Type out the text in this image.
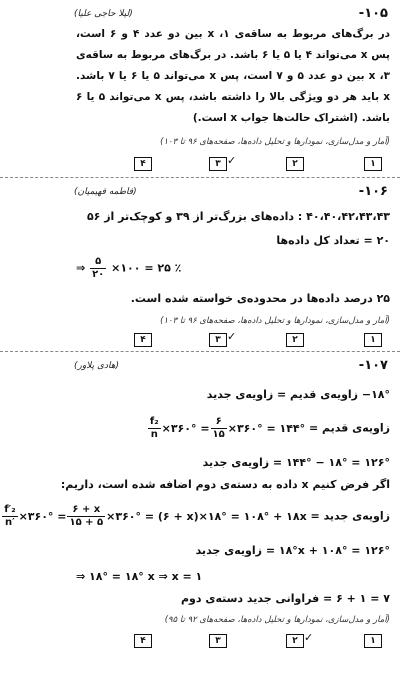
-۱۰۵
(لیلا حاجی علیا)
در برگ‌های مربوط به ساقه‌ی ۱، x بین دو عدد ۴ و ۶ است، پس x می‌تواند ۴ یا ۵ یا ۶ باشد. در برگ‌های مربوط به ساقه‌ی ۳، x بین دو عدد ۵ و ۷ است، پس x می‌تواند ۵ یا ۶ یا ۷ باشد. x باید هر دو ویژگی بالا را داشته باشد، پس x می‌تواند ۵ یا ۶ باشد. (اشتراک حالت‌ها جواب x است.)
(آمار و مدل‌سازی، نمودارها و تحلیل داده‌ها، صفحه‌های ۹۶ تا ۱۰۳)
۴	۳ ✓	۲	۱
-۱۰۶
(فاطمه فهیمیان)
۴۰،۴۰،۴۲،۴۳،۴۳ : داده‌های بزرگ‌تر از ۳۹ و کوچک‌تر از ۵۶
۲۰ = تعداد کل داده‌ها
⇒ $\frac{۵}{۲۰}$ ×۱۰۰ = ۲۵ ٪
۲۵ درصد داده‌ها در محدوده‌ی خواسته شده است.
(آمار و مدل‌سازی، نمودارها و تحلیل داده‌ها، صفحه‌های ۹۶ تا ۱۰۳)
۴	۳ ✓	۲	۱
-۱۰۷
(هادی پلاور)
۱۸°− زاویه‌ی قدیم = زاویه‌ی جدید
زاویه‌ی قدیم =
$\frac{\text{f₂}}{n}$ ×۳۶۰° = $\frac{۶}{۱۵}$ ×۳۶۰° = ۱۴۴°
۱۲۶° = ۱۸° − ۱۴۴° = زاویه‌ی جدید
اگر فرض کنیم x داده به دسته‌ی دوم اضافه شده است، داریم:
زاویه‌ی جدید =
$\frac{\text{f′₂}}{n'}$ ×۳۶۰° = $\frac{۶ + x}{۱۵ + ۵}$ ×۳۶۰° = (۶ + x)×۱۸° = ۱۰۸° + ۱۸x
۱۲۶° = ۱۰۸° + ۱۸°x = زاویه‌ی جدید
⇒ ۱۸° = ۱۸° x ⇒ x = ۱
۷ = ۱ + ۶ = فراوانی جدید دسته‌ی دوم
(آمار و مدل‌سازی، نمودارها و تحلیل داده‌ها، صفحه‌های ۹۲ تا ۹۵)
۴	۳	۲ ✓	۱
